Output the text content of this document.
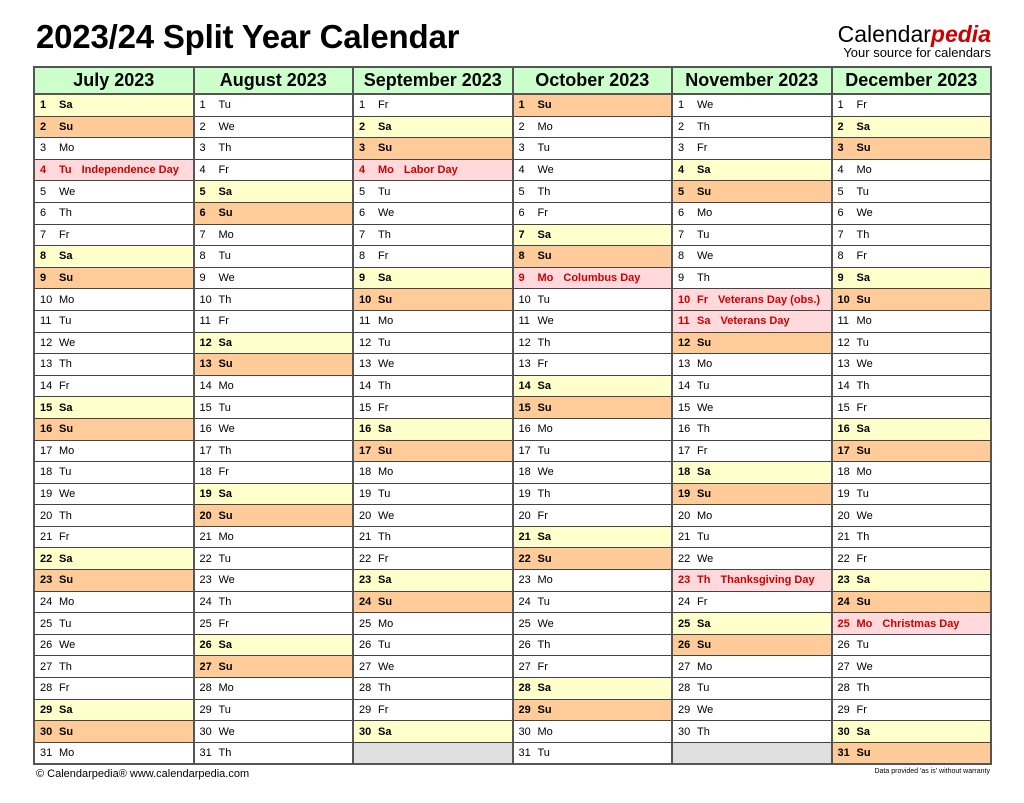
2023/24 Split Year Calendar	Calendarpedia
Your source for calendars
July 2023	August 2023	September 2023	October 2023	November 2023	December 2023
1 Sa	1 Tu	1 Fr	1 Su	1 We	1 Fr
2 Su	2 We	2 Sa	2 Mo	2 Th	2 Sa
3 Mo	3 Th	3 Su	3 Tu	3 Fr	3 Su
4 Tu Independence Day	4 Fr	4 Mo Labor Day	4 We	4 Sa	4 Mo
5 We	5 Sa	5 Tu	5 Th	5 Su	5 Tu
6 Th	6 Su	6 We	6 Fr	6 Mo	6 We
7 Fr	7 Mo	7 Th	7 Sa	7 Tu	7 Th
8 Sa	8 Tu	8 Fr	8 Su	8 We	8 Fr
9 Su	9 We	9 Sa	9 Mo Columbus Day	9 Th	9 Sa
10 Mo	10 Th	10 Su	10 Tu	10 Fr Veterans Day (obs.)	10 Su
11 Tu	11 Fr	11 Mo	11 We	11 Sa Veterans Day	11 Mo
12 We	12 Sa	12 Tu	12 Th	12 Su	12 Tu
13 Th	13 Su	13 We	13 Fr	13 Mo	13 We
14 Fr	14 Mo	14 Th	14 Sa	14 Tu	14 Th
15 Sa	15 Tu	15 Fr	15 Su	15 We	15 Fr
16 Su	16 We	16 Sa	16 Mo	16 Th	16 Sa
17 Mo	17 Th	17 Su	17 Tu	17 Fr	17 Su
18 Tu	18 Fr	18 Mo	18 We	18 Sa	18 Mo
19 We	19 Sa	19 Tu	19 Th	19 Su	19 Tu
20 Th	20 Su	20 We	20 Fr	20 Mo	20 We
21 Fr	21 Mo	21 Th	21 Sa	21 Tu	21 Th
22 Sa	22 Tu	22 Fr	22 Su	22 We	22 Fr
23 Su	23 We	23 Sa	23 Mo	23 Th Thanksgiving Day	23 Sa
24 Mo	24 Th	24 Su	24 Tu	24 Fr	24 Su
25 Tu	25 Fr	25 Mo	25 We	25 Sa	25 Mo Christmas Day
26 We	26 Sa	26 Tu	26 Th	26 Su	26 Tu
27 Th	27 Su	27 We	27 Fr	27 Mo	27 We
28 Fr	28 Mo	28 Th	28 Sa	28 Tu	28 Th
29 Sa	29 Tu	29 Fr	29 Su	29 We	29 Fr
30 Su	30 We	30 Sa	30 Mo	30 Th	30 Sa
31 Mo	31 Th		31 Tu		31 Su
© Calendarpedia® www.calendarpedia.com	Data provided 'as is' without warranty
